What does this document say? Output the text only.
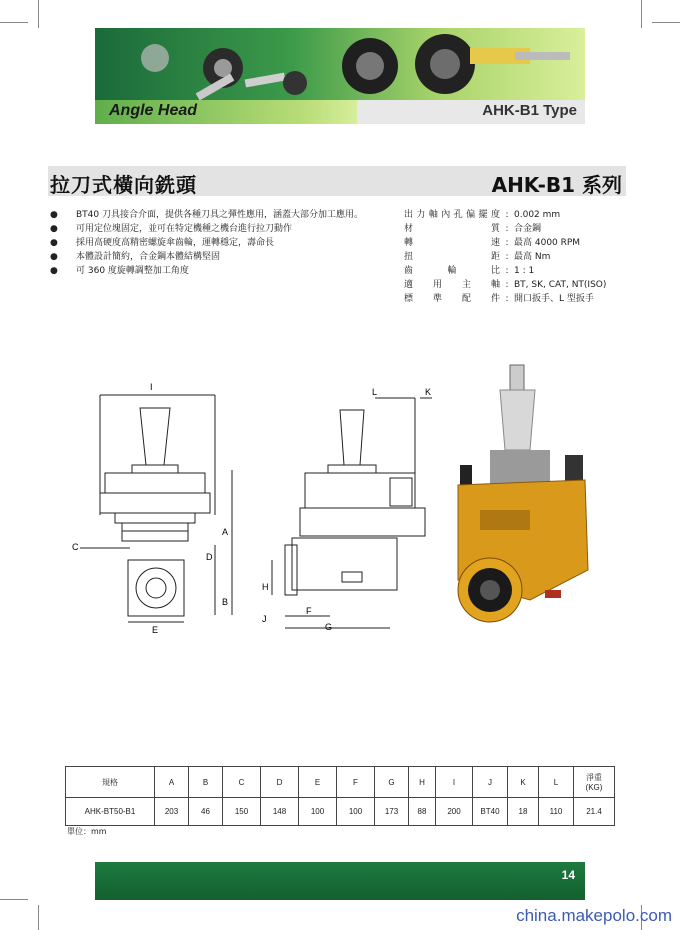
Angle Head	AHK-B1 Type
拉刀式橫向銑頭	AHK-B1 系列
● BT40 刀具接合介面，提供各種刀具之彈性應用，涵蓋大部分加工應用。
● 可用定位塊固定，並可在特定機種之機台進行拉刀動作
● 採用高硬度高精密螺旋傘齒輪，運轉穩定，壽命長
● 本體設計簡約，合金鋼本體結構堅固
● 可 360 度旋轉調整加工角度
出力軸內孔偏擺度 : 0.002 mm
材質 : 合金鋼
轉速 : 最高 4000 RPM
扭距 : 最高 Nm
齒輪比 : 1 : 1
適用主軸 : BT, SK, CAT, NT(ISO)
標準配件 : 開口扳手、L 型扳手
I
A
D
B
C
E
L	K
H
J
F
G
規格	A	B	C	D	E	F	G	H	I	J	K	L	淨重
(KG)
AHK-BT50-B1	203	46	150	148	100	100	173	88	200	BT40	18	110	21.4
單位：mm
14
china.makepolo.com
